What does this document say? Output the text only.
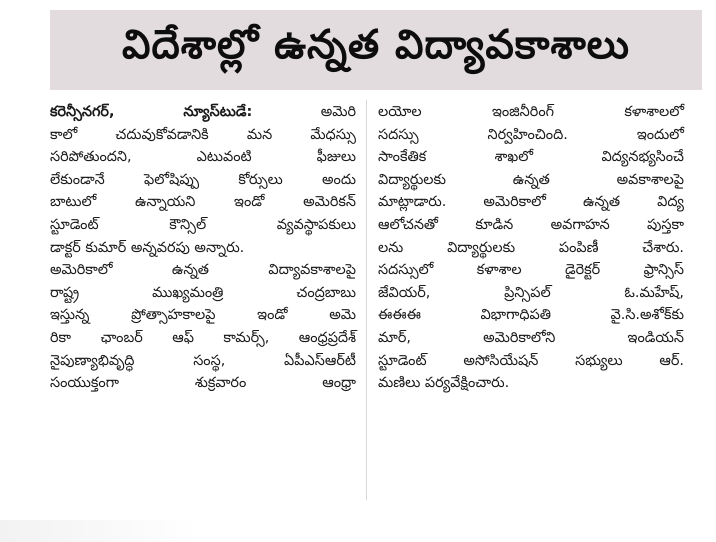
విదేశాల్లో ఉన్నత విద్యావకాశాలు
కరెన్సీనగర్, న్యూస్‌టుడే:	అమెరి
కాలో చదువుకోవడానికి మన మేధస్సు
సరిపోతుందని, ఎటువంటి ఫీజులు
లేకుండానే ఫెలోషిప్పు కోర్సులు అందు
బాటులో ఉన్నాయని ఇండో అమెరికన్
స్టూడెంట్ కౌన్సిల్ వ్యవస్థాపకులు
డాక్టర్ కుమార్ అన్నవరపు అన్నారు.
అమెరికాలో ఉన్నత విద్యావకాశాలపై
రాష్ట్ర ముఖ్యమంత్రి చంద్రబాబు
ఇస్తున్న ప్రోత్సాహకాలపై ఇండో అమె
రికా ఛాంబర్ ఆఫ్ కామర్స్, ఆంధ్రప్రదేశ్
నైపుణ్యాభివృద్ధి సంస్థ, ఏపీఎస్‌ఆర్‌టీ
సంయుక్తంగా శుక్రవారం ఆంధ్రా
లయోల ఇంజినీరింగ్ కళాశాలలో
సదస్సు నిర్వహించింది. ఇందులో
సాంకేతిక శాఖలో విద్యనభ్యసించే
విద్యార్థులకు ఉన్నత అవకాశాలపై
మాట్లాడారు. అమెరికాలో ఉన్నత విద్య
ఆలోచనతో కూడిన అవగాహన పుస్తకా
లను విద్యార్థులకు పంపిణీ చేశారు.
సదస్సులో కళాశాల డైరెక్టర్ ఫ్రాన్సిస్
జేవియర్, ప్రిన్సిపల్ ఓ.మహేష్,
ఈఈఈ విభాగాధిపతి వై.సి.అశోక్‌కు
మార్, అమెరికాలోని ఇండియన్
స్టూడెంట్ అసోసియేషన్ సభ్యులు ఆర్.
మణిలు పర్యవేక్షించారు.
